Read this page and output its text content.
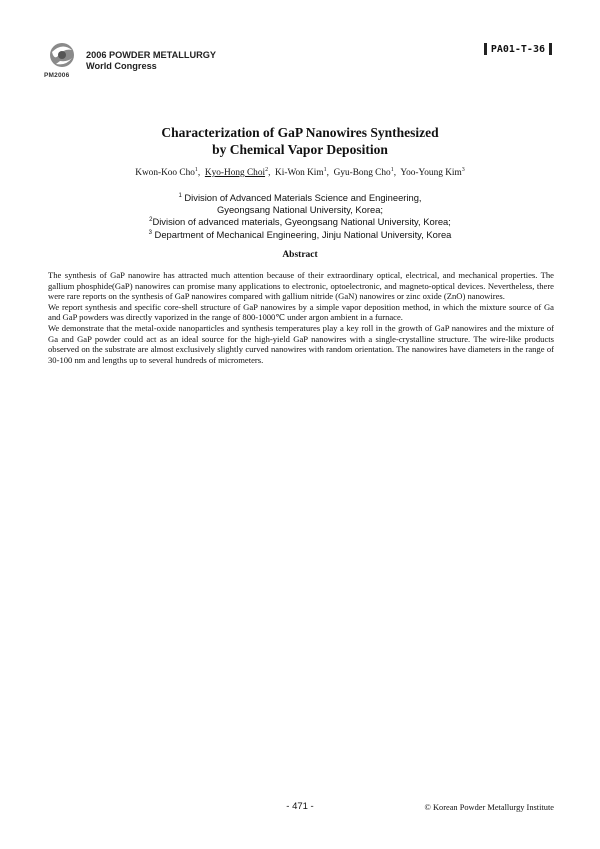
PM2006
2006 POWDER METALLURGY
World Congress
PA01-T-36
Characterization of GaP Nanowires Synthesized
by Chemical Vapor Deposition
Kwon-Koo Cho$^1$,  Kyo-Hong Choi$^2$,  Ki-Won Kim$^1$,  Gyu-Bong Cho$^1$,  Yoo-Young Kim$^3$
$^1$ Division of Advanced Materials Science and Engineering,
Gyeongsang National University, Korea;
$^2$Division of advanced materials, Gyeongsang National University, Korea;
$^3$ Department of Mechanical Engineering, Jinju National University, Korea
Abstract

The synthesis of GaP nanowire has attracted much attention because of their extraordinary optical, electrical, and mechanical properties. The gallium phosphide(GaP) nanowires can promise many applications to electronic, optoelectronic, and magneto-optical devices. Nevertheless, there were rare reports on the synthesis of GaP nanowires compared with gallium nitride (GaN) nanowires or zinc oxide (ZnO) nanowires.

We report synthesis and specific core-shell structure of GaP nanowires by a simple vapor deposition method, in which the mixture source of Ga and GaP powders was directly vaporized in the range of 800-1000℃ under argon ambient in a furnace.

We demonstrate that the metal-oxide nanoparticles and synthesis temperatures play a key roll in the growth of GaP nanowires and the mixture of Ga and GaP powder could act as an ideal source for the high-yield GaP nanowires with a single-crystalline structure. The wire-like products observed on the substrate are almost exclusively slightly curved nanowires with random orientation. The nanowires have diameters in the range of 30-100 nm and lengths up to several hundreds of micrometers.

- 471 -	© Korean Powder Metallurgy Institute
